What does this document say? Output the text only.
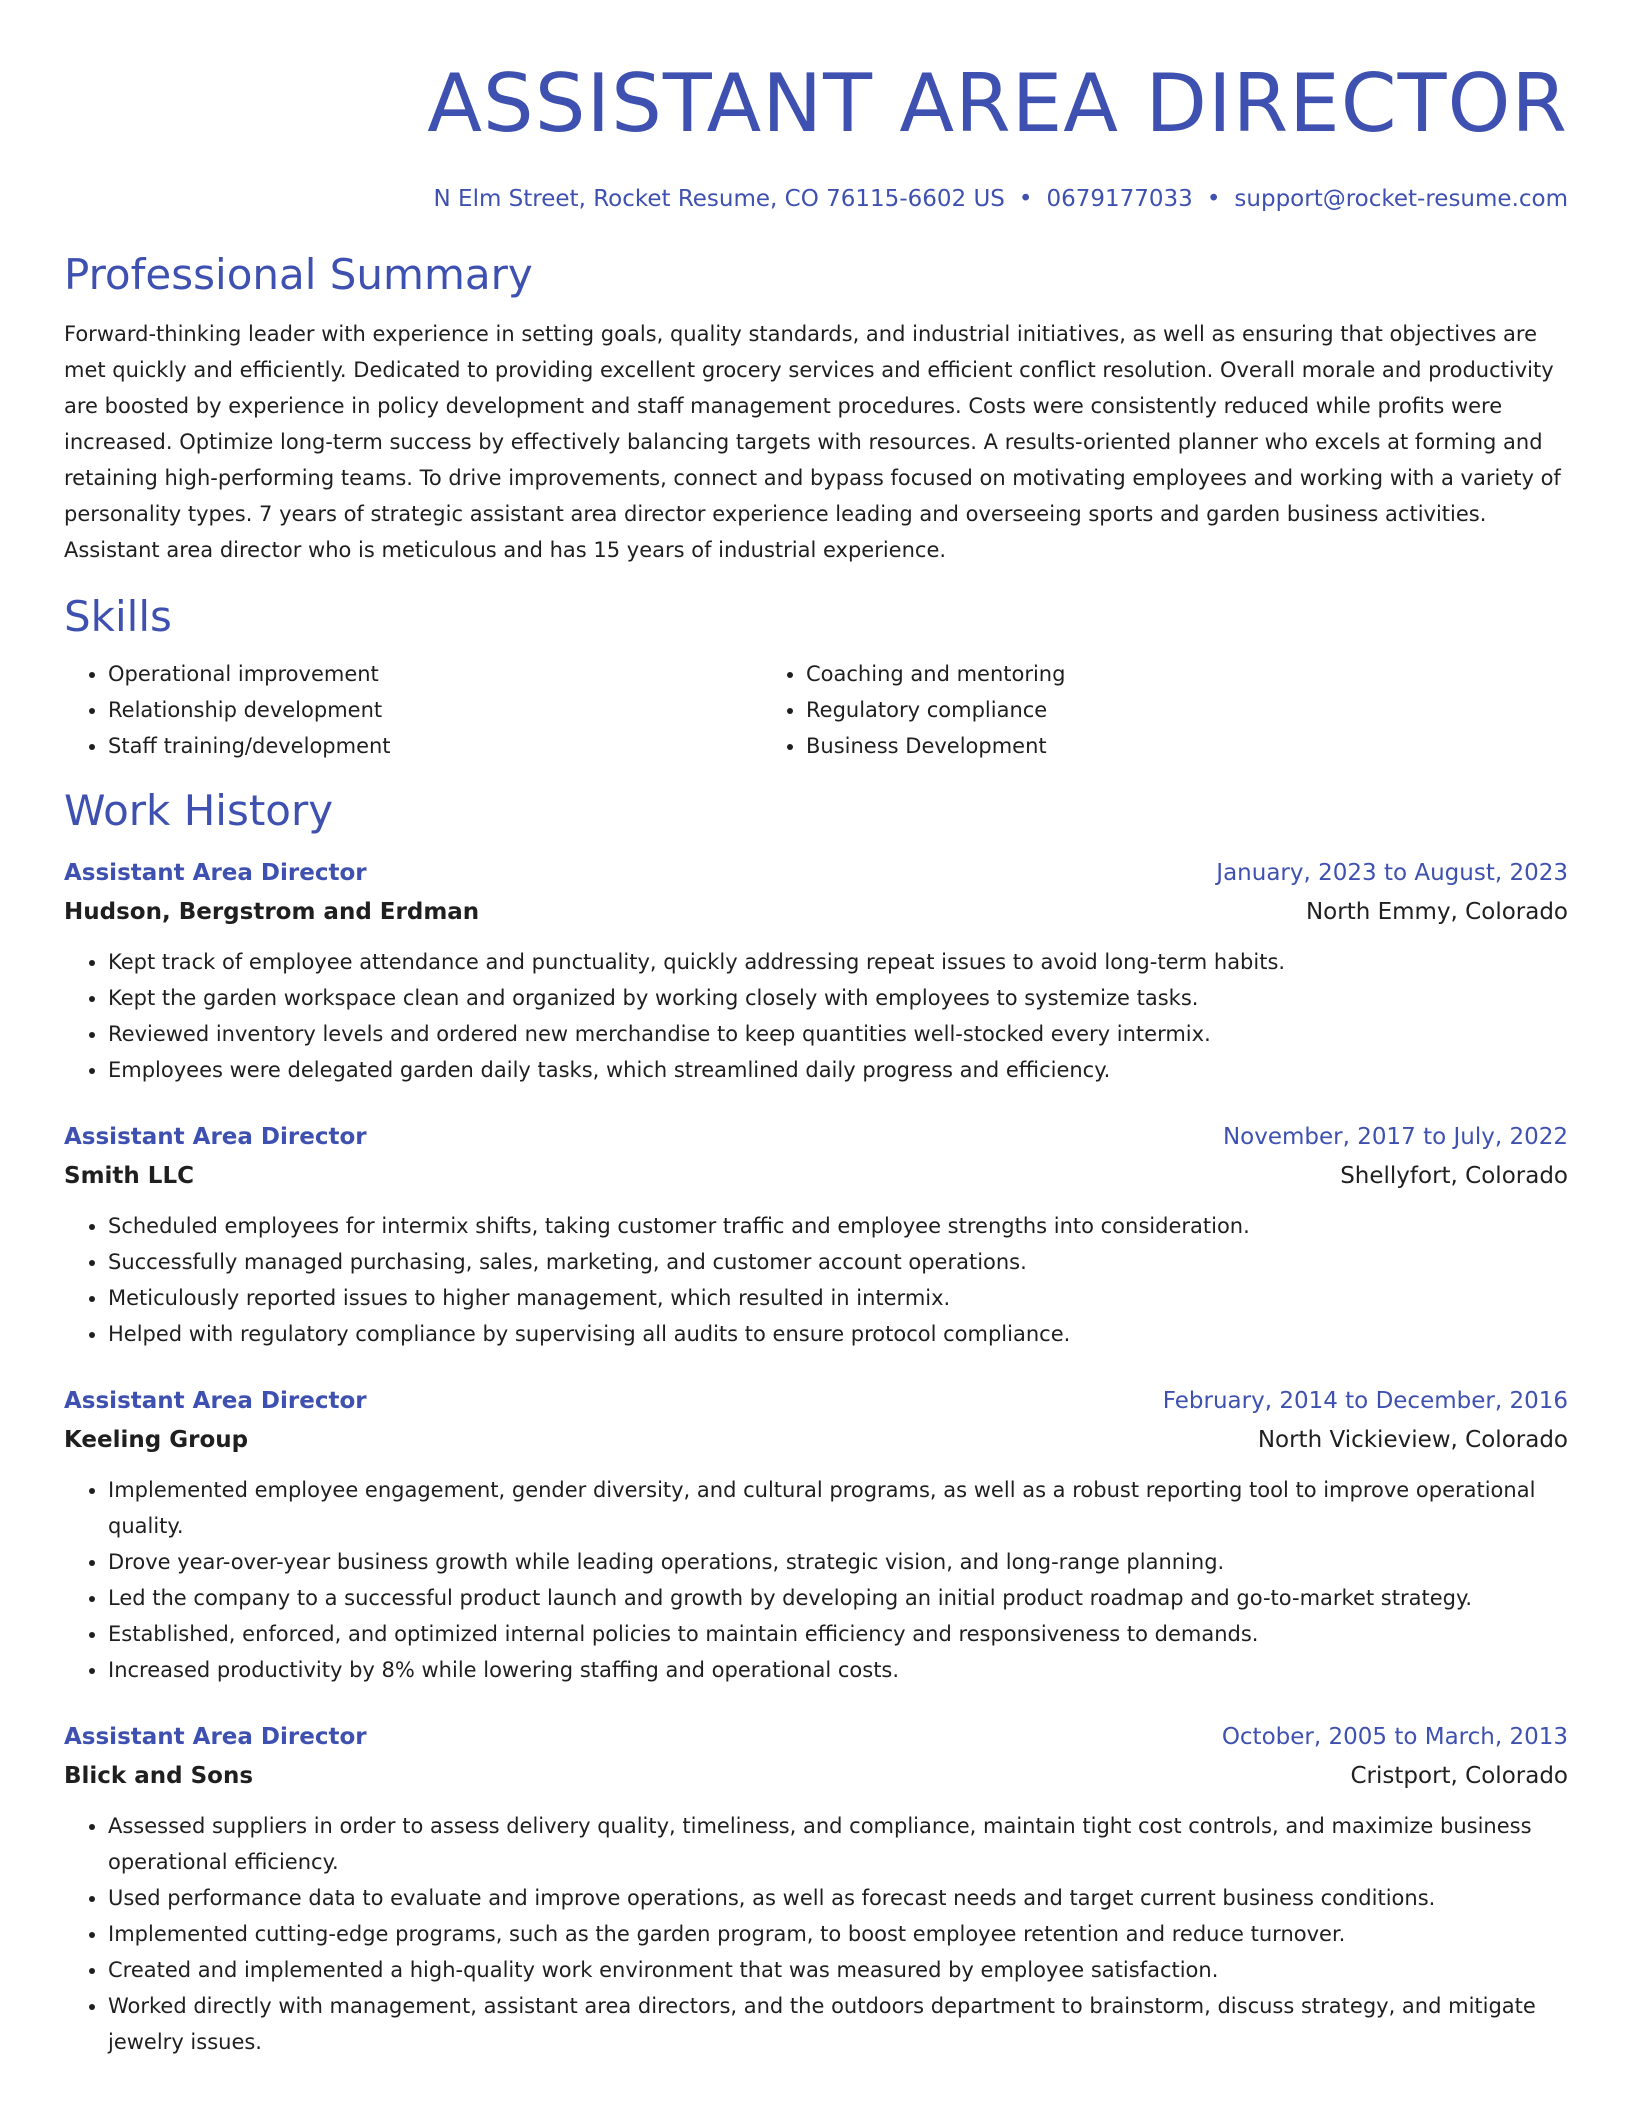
ASSISTANT AREA DIRECTOR
N Elm Street, Rocket Resume, CO 76115-6602 US • 0679177033 • support@rocket-resume.com
Professional Summary
Forward-thinking leader with experience in setting goals, quality standards, and industrial initiatives, as well as ensuring that objectives are met quickly and efficiently. Dedicated to providing excellent grocery services and efficient conflict resolution. Overall morale and productivity are boosted by experience in policy development and staff management procedures. Costs were consistently reduced while profits were increased. Optimize long-term success by effectively balancing targets with resources. A results-oriented planner who excels at forming and retaining high-performing teams. To drive improvements, connect and bypass focused on motivating employees and working with a variety of personality types. 7 years of strategic assistant area director experience leading and overseeing sports and garden business activities. Assistant area director who is meticulous and has 15 years of industrial experience.
Skills
• Operational improvement
• Relationship development
• Staff training/development
• Coaching and mentoring
• Regulatory compliance
• Business Development
Work History
Assistant Area Director	January, 2023 to August, 2023
Hudson, Bergstrom and Erdman	North Emmy, Colorado
• Kept track of employee attendance and punctuality, quickly addressing repeat issues to avoid long-term habits.
• Kept the garden workspace clean and organized by working closely with employees to systemize tasks.
• Reviewed inventory levels and ordered new merchandise to keep quantities well-stocked every intermix.
• Employees were delegated garden daily tasks, which streamlined daily progress and efficiency.
Assistant Area Director	November, 2017 to July, 2022
Smith LLC	Shellyfort, Colorado
• Scheduled employees for intermix shifts, taking customer traffic and employee strengths into consideration.
• Successfully managed purchasing, sales, marketing, and customer account operations.
• Meticulously reported issues to higher management, which resulted in intermix.
• Helped with regulatory compliance by supervising all audits to ensure protocol compliance.
Assistant Area Director	February, 2014 to December, 2016
Keeling Group	North Vickieview, Colorado
• Implemented employee engagement, gender diversity, and cultural programs, as well as a robust reporting tool to improve operational quality.
• Drove year-over-year business growth while leading operations, strategic vision, and long-range planning.
• Led the company to a successful product launch and growth by developing an initial product roadmap and go-to-market strategy.
• Established, enforced, and optimized internal policies to maintain efficiency and responsiveness to demands.
• Increased productivity by 8% while lowering staffing and operational costs.
Assistant Area Director	October, 2005 to March, 2013
Blick and Sons	Cristport, Colorado
• Assessed suppliers in order to assess delivery quality, timeliness, and compliance, maintain tight cost controls, and maximize business operational efficiency.
• Used performance data to evaluate and improve operations, as well as forecast needs and target current business conditions.
• Implemented cutting-edge programs, such as the garden program, to boost employee retention and reduce turnover.
• Created and implemented a high-quality work environment that was measured by employee satisfaction.
• Worked directly with management, assistant area directors, and the outdoors department to brainstorm, discuss strategy, and mitigate jewelry issues.
